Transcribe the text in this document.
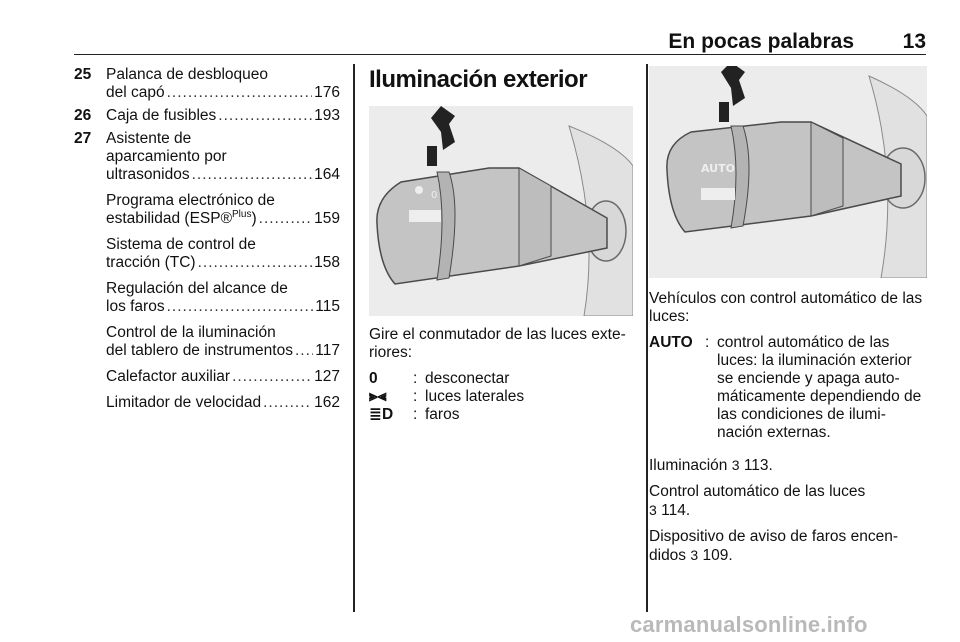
En pocas palabras 13
25 Palanca de desbloqueo
del capó .....	176
26 Caja de fusibles .....	193
27 Asistente de
aparcamiento por
ultrasonidos .....	164
Programa electrónico de
estabilidad (ESP®$^{Plus}$) .....	159
Sistema de control de
tracción (TC) .....	158
Regulación del alcance de
los faros .....	115
Control de la iluminación
del tablero de instrumentos ..... 117
Calefactor auxiliar .....	127
Limitador de velocidad .....	162
Iluminación exterior
0

Gire el conmutador de las luces exte-riores:

0	: desconectar
⫸⫷	: luces laterales
≣D	: faros
AUTO

Vehículos con control automático de las luces:

AUTO : control automático de las luces: la iluminación exterior se enciende y apaga auto-máticamente dependiendo de las condiciones de ilumi-nación externas.

Iluminación 3 113.

Control automático de las luces
3 114.

Dispositivo de aviso de faros encen-didos 3 109.

carmanualsonline.info
